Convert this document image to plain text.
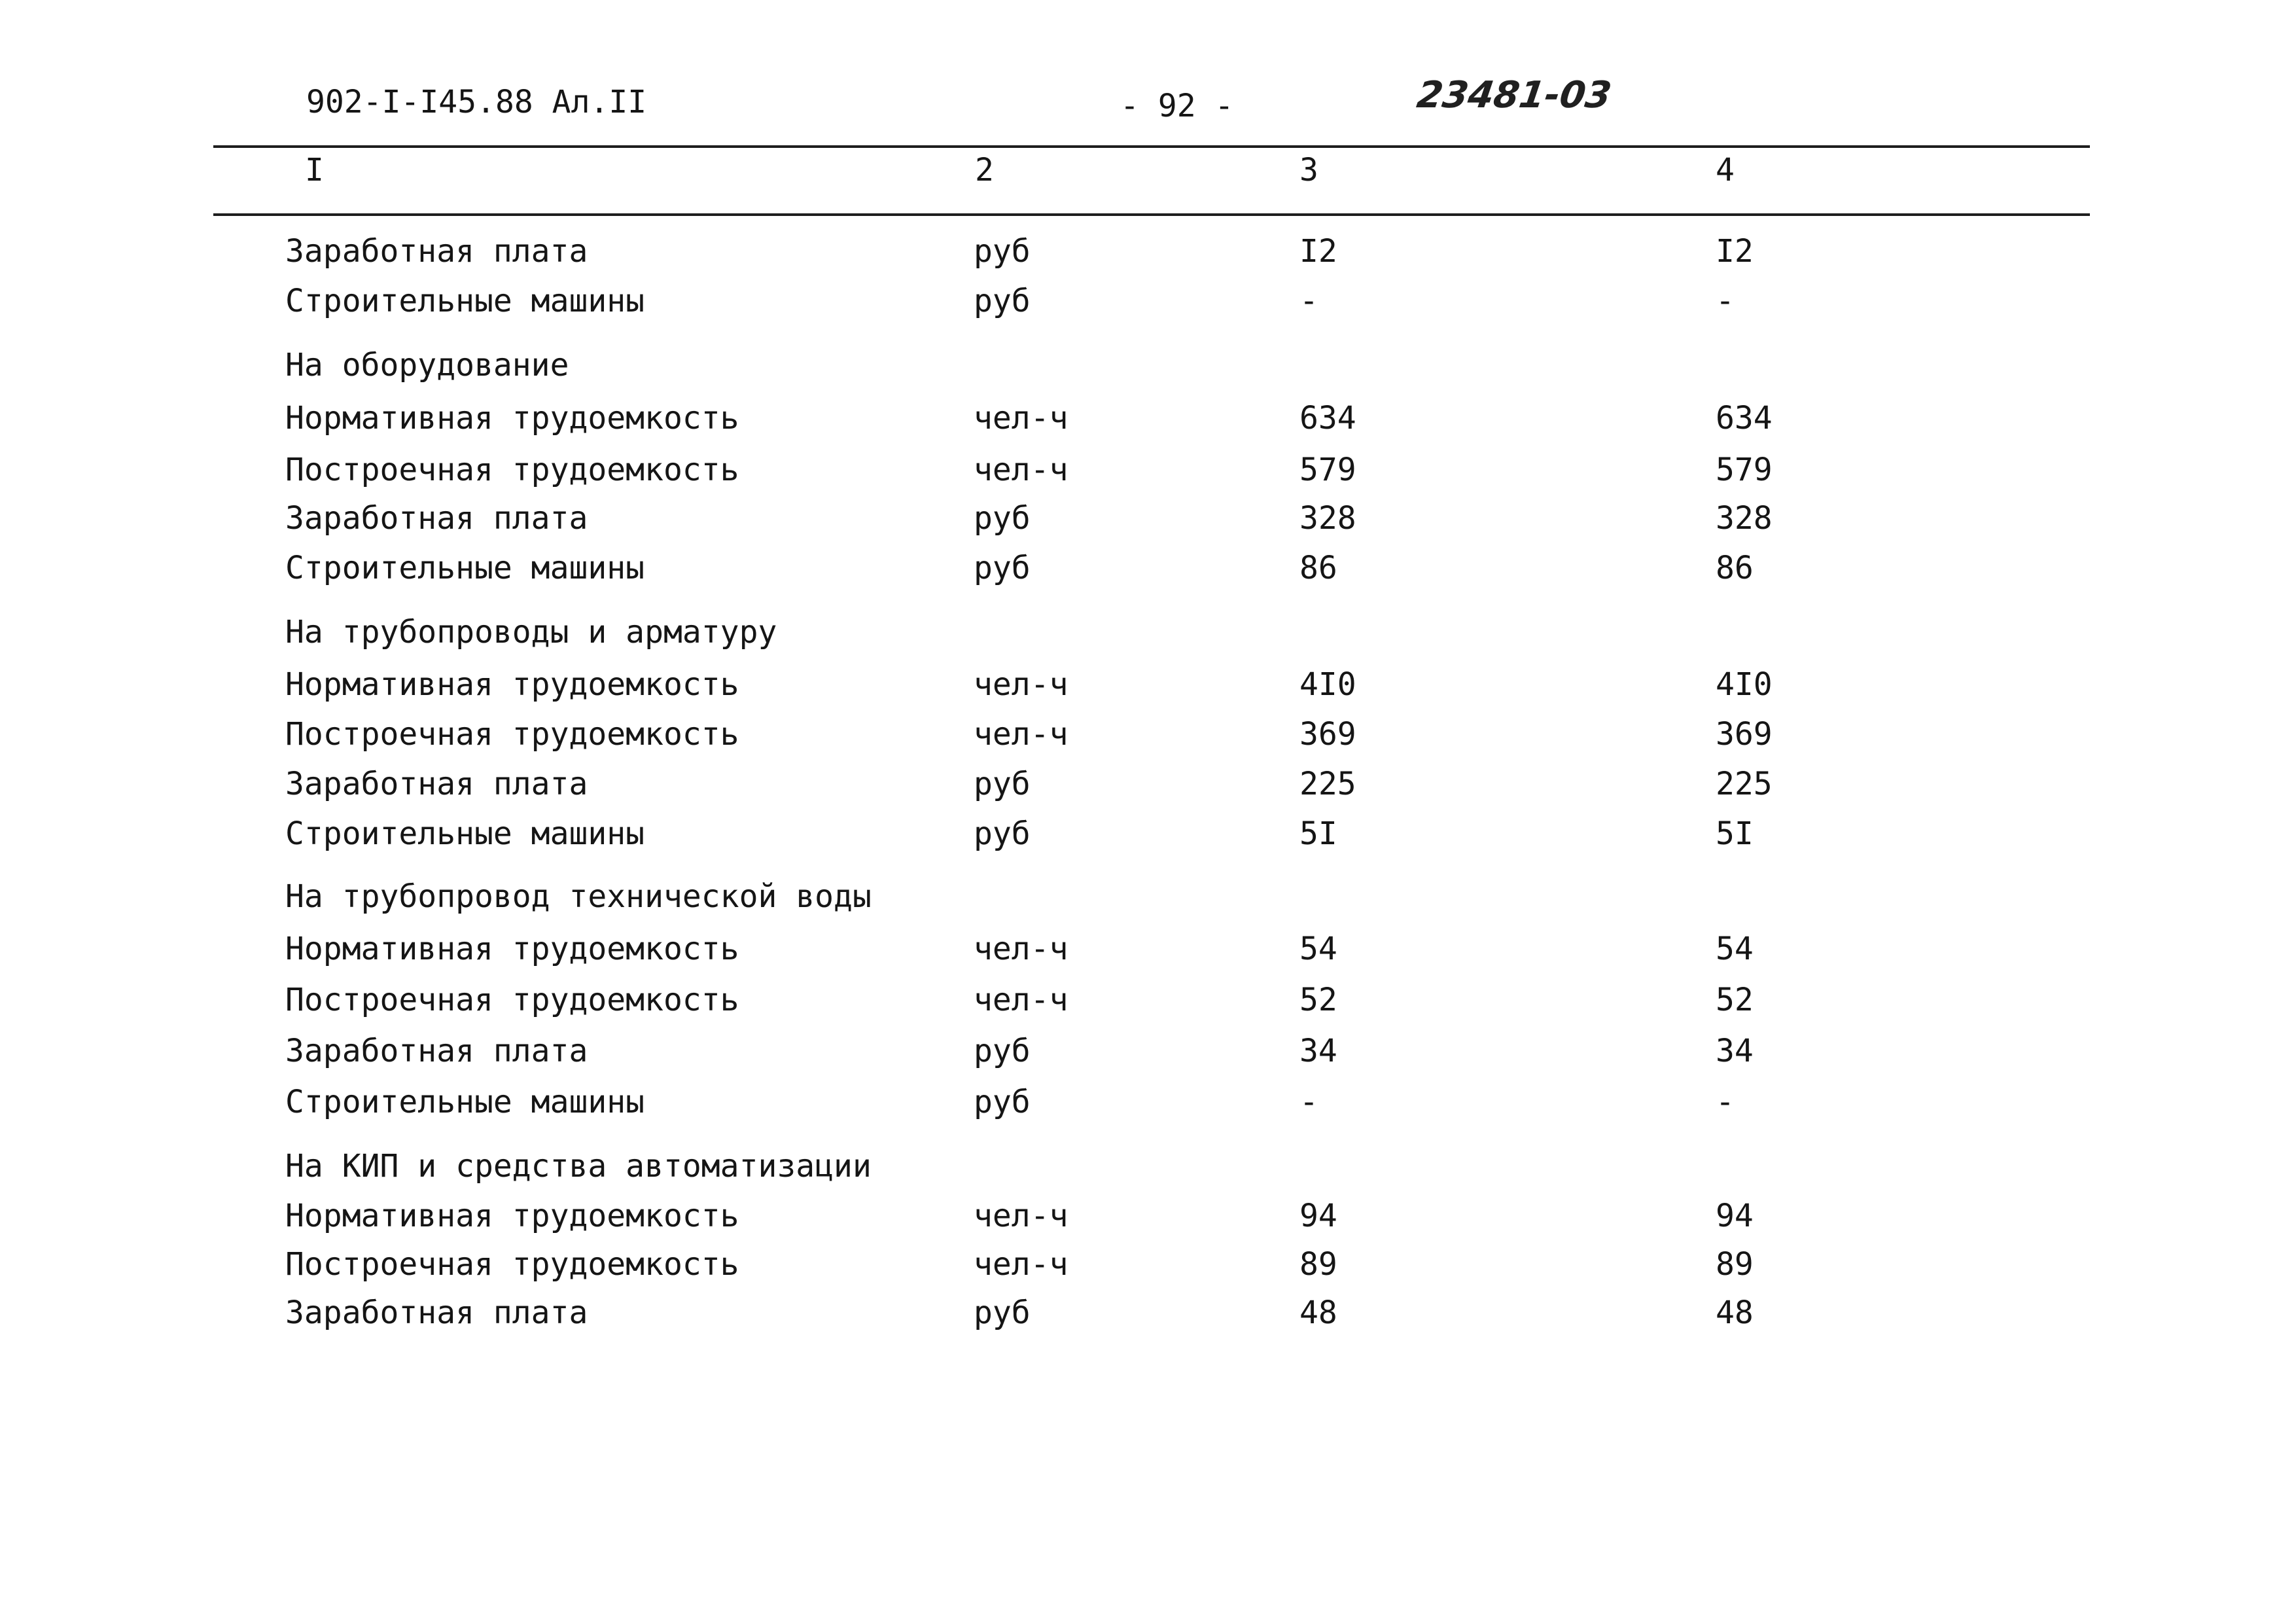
902-I-I45.88 Ал.II	- 92 -	23481-03
I	2	3	4
Заработная плата	руб	I2	I2
Строительные машины	руб	-	-
На оборудование
Нормативная трудоемкость	чел-ч	634	634
Построечная трудоемкость	чел-ч	579	579
Заработная плата	руб	328	328
Строительные машины	руб	86	86
На трубопроводы и арматуру
Нормативная трудоемкость	чел-ч	4I0	4I0
Построечная трудоемкость	чел-ч	369	369
Заработная плата	руб	225	225
Строительные машины	руб	5I	5I
На трубопровод технической воды
Нормативная трудоемкость	чел-ч	54	54
Построечная трудоемкость	чел-ч	52	52
Заработная плата	руб	34	34
Строительные машины	руб	-	-
На КИП и средства автоматизации
Нормативная трудоемкость	чел-ч	94	94
Построечная трудоемкость	чел-ч	89	89
Заработная плата	руб	48	48
